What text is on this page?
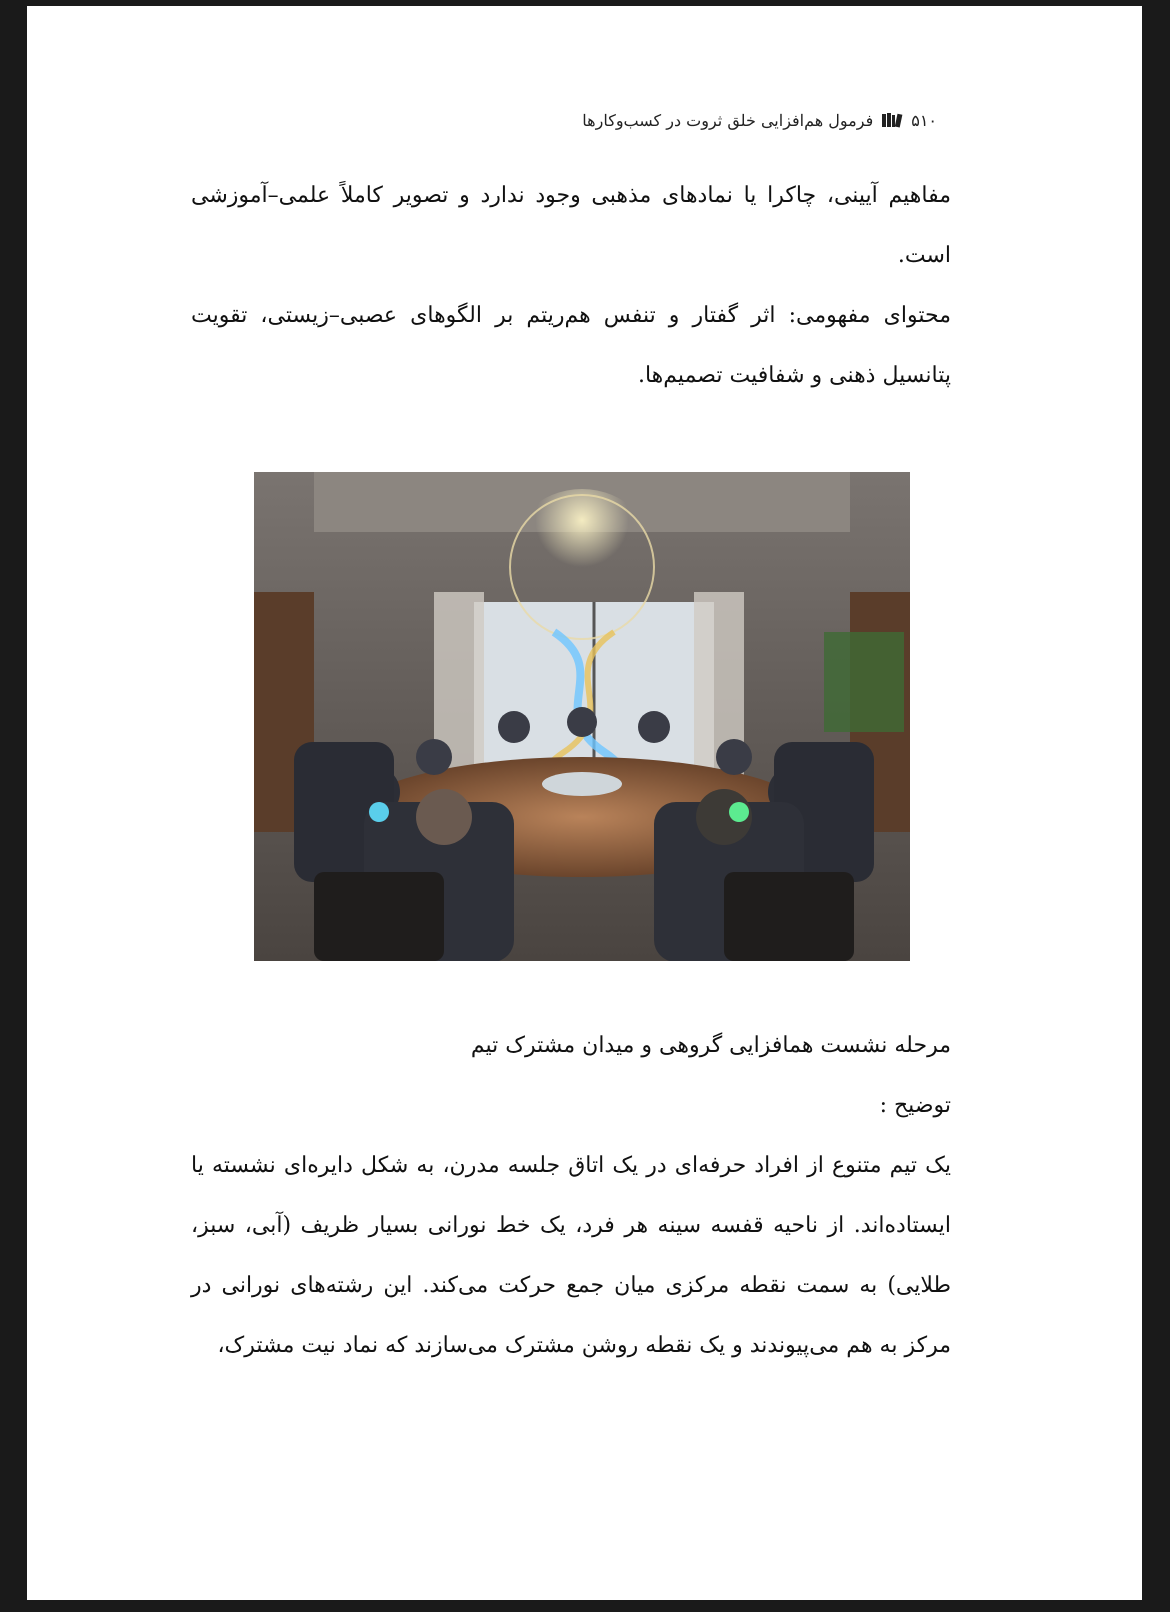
۵۱۰
فرمول هم‌افزایی خلق ثروت در کسب‌وکارها

مفاهیم آیینی، چاکرا یا نمادهای مذهبی وجود ندارد و تصویر کاملاً علمی–آموزشی است.

محتوای مفهومی: اثر گفتار و تنفس هم‌ریتم بر الگوهای عصبی–زیستی، تقویت پتانسیل ذهنی و شفافیت تصمیم‌ها.

مرحله نشست همافزایی گروهی و میدان مشترک تیم

توضیح :

یک تیم متنوع از افراد حرفه‌ای در یک اتاق جلسه مدرن، به شکل دایره‌ای نشسته یا ایستاده‌اند. از ناحیه قفسه سینه هر فرد، یک خط نورانی بسیار ظریف (آبی، سبز، طلایی) به سمت نقطه مرکزی میان جمع حرکت می‌کند. این رشته‌های نورانی در مرکز به هم می‌پیوندند و یک نقطه روشن مشترک می‌سازند که نماد نیت مشترک،
